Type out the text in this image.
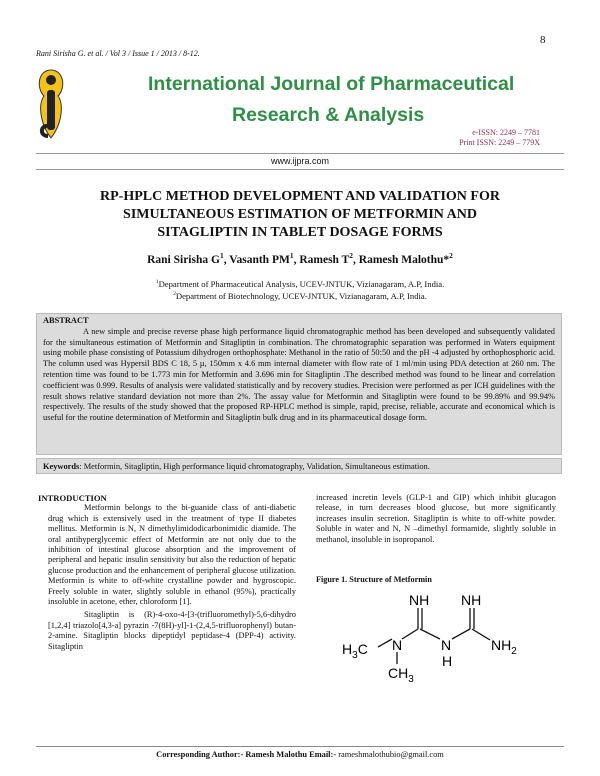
8
Rani Sirisha G. et al. / Vol 3 / Issue 1 / 2013 / 8-12.
International Journal of Pharmaceutical
Research & Analysis
e-ISSN: 2249 – 7781
Print ISSN: 2249 – 779X
www.ijpra.com
RP-HPLC METHOD DEVELOPMENT AND VALIDATION FOR
SIMULTANEOUS ESTIMATION OF METFORMIN AND
SITAGLIPTIN IN TABLET DOSAGE FORMS
Rani Sirisha $G^1$, Vasanth $PM^1$, Ramesh $T^2$, Ramesh Malothu*$^2$
$^1$Department of Pharmaceutical Analysis, UCEV-JNTUK, Vizianagaram, A.P, India.
$^2$Department of Biotechnology, UCEV-JNTUK, Vizianagaram, A.P, India.
ABSTRACT
A new simple and precise reverse phase high performance liquid chromatographic method has been developed and subsequently validated for the simultaneous estimation of Metformin and Sitagliptin in combination. The chromatographic separation was performed in Waters equipment using mobile phase consisting of Potassium dihydrogen orthophosphate: Methanol in the ratio of 50:50 and the pH -4 adjusted by orthophosphoric acid. The column used was Hypersil BDS C 18, 5 µ, 150mm x 4.6 mm internal diameter with flow rate of 1 ml/min using PDA detection at 260 nm. The retention time was found to be 1.773 min for Metformin and 3.696 min for Sitagliptin .The described method was found to be linear and correlation coefficient was 0.999. Results of analysis were validated statistically and by recovery studies. Precision were performed as per ICH guidelines with the result shows relative standard deviation not more than 2%. The assay value for Metformin and Sitagliptin were found to be 99.89% and 99.94% respectively. The results of the study showed that the proposed RP-HPLC method is simple, rapid, precise, reliable, accurate and economical which is useful for the routine determination of Metformin and Sitagliptin bulk drug and in its pharmaceutical dosage form.
Keywords: Metformin, Sitagliptin, High performance liquid chromatography, Validation, Simultaneous estimation.
INTRODUCTION

Metformin belongs to the bi-guanide class of anti-diabetic drug which is extensively used in the treatment of type II diabetes mellitus. Metformin is N, N dimethylimidodicarbonimidic diamide. The oral antihyperglycemic effect of Metformin are not only due to the inhibition of intestinal glucose absorption and the improvement of peripheral and hepatic insulin sensitivity but also the reduction of hepatic glucose production and the enhancement of peripheral glucose utilization. Metformin is white to off-white crystalline powder and hygroscopic. Freely soluble in water, slightly soluble in ethanol (95%), practically insoluble in acetone, ether, chloroform [1].

Sitagliptin is (R)-4-oxo-4-[3-(trifluoromethyl)-5,6-dihydro [1,2,4] triazolo[4,3-a] pyrazin -7(8H)-yl]-1-(2,4,5-trifluorophenyl) butan-2-amine. Sitagliptin blocks dipeptidyl peptidase-4 (DPP-4) activity. Sitagliptin

increased incretin levels (GLP-1 and GIP) which inhibit glucagon release, in turn decreases blood glucose, but more significantly increases insulin secretion. Sitagliptin is white to off-white powder. Soluble in water and N, N –dimethyl formamide, slightly soluble in methanol, insoluble in isopropanol.

Figure 1. Structure of Metformin
NH NH
$H_3C$ N	N
H
$NH_2$
$CH_3$
Corresponding Author:- Ramesh Malothu Email:- rameshmalothubio@gmail.com
